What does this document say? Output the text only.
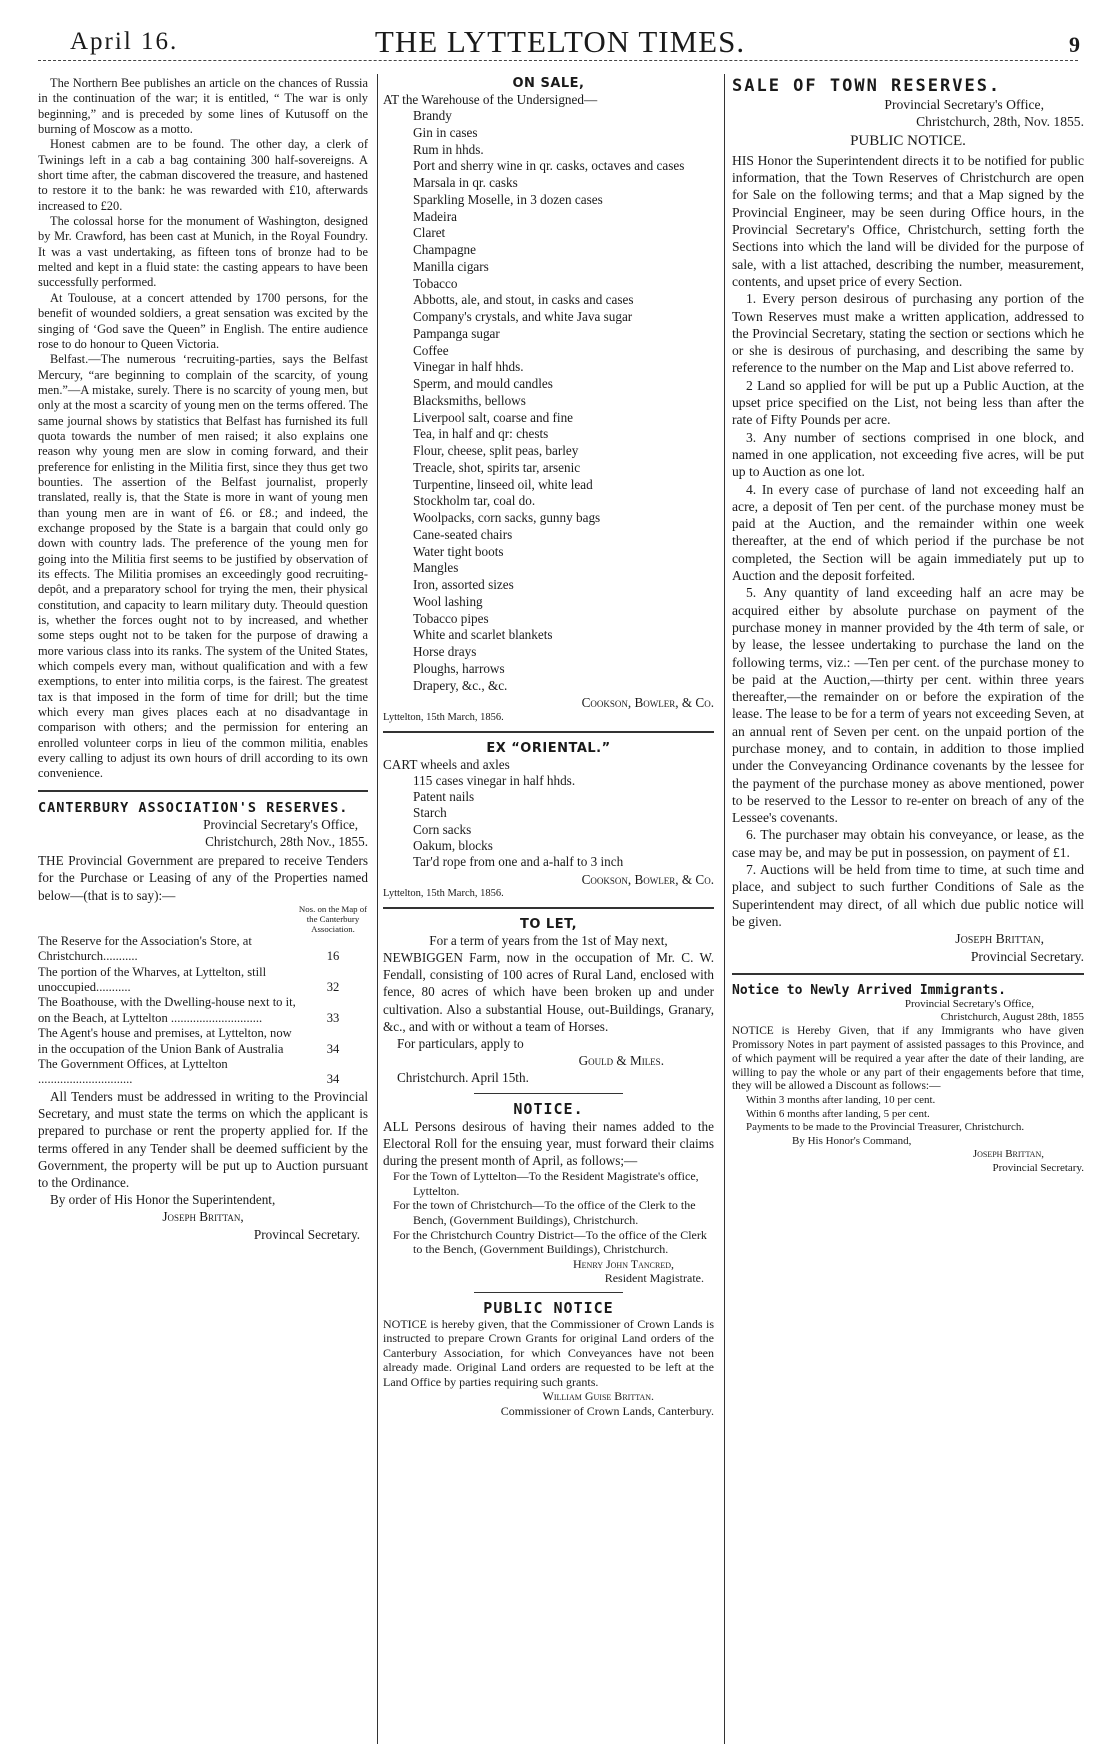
April 16.	THE LYTTELTON TIMES.	9

The Northern Bee publishes an article on the chances of Russia in the continuation of the war; it is entitled, “ The war is only beginning,” and is preceded by some lines of Kutusoff on the burning of Moscow as a motto.

Honest cabmen are to be found. The other day, a clerk of Twinings left in a cab a bag containing 300 half-sovereigns. A short time after, the cabman discovered the treasure, and hastened to restore it to the bank: he was rewarded with £10, afterwards increased to £20.

The colossal horse for the monument of Washington, designed by Mr. Crawford, has been cast at Munich, in the Royal Foundry. It was a vast undertaking, as fifteen tons of bronze had to be melted and kept in a fluid state: the casting appears to have been successfully performed.

At Toulouse, at a concert attended by 1700 persons, for the benefit of wounded soldiers, a great sensation was excited by the singing of ‘God save the Queen” in English. The entire audience rose to do honour to Queen Victoria.

Belfast.—The numerous ‘recruiting-parties, says the Belfast Mercury, “are beginning to complain of the scarcity, of young men.”—A mistake, surely. There is no scarcity of young men, but only at the most a scarcity of young men on the terms offered. The same journal shows by statistics that Belfast has furnished its full quota towards the number of men raised; it also explains one reason why young men are slow in coming forward, and their preference for enlisting in the Militia first, since they thus get two bounties. The assertion of the Belfast journalist, properly translated, really is, that the State is more in want of young men than young men are in want of £6. or £8.; and indeed, the exchange proposed by the State is a bargain that could only go down with country lads. The preference of the young men for going into the Militia first seems to be justified by observation of its effects. The Militia promises an exceedingly good recruiting-depôt, and a preparatory school for trying the men, their physical constitution, and capacity to learn military duty. Theould question is, whether the forces ought not to by increased, and whether some steps ought not to be taken for the purpose of drawing a more various class into its ranks. The system of the United States, which compels every man, without qualification and with a few exemptions, to enter into militia corps, is the fairest. The greatest tax is that imposed in the form of time for drill; but the time which every man gives places each at no disadvantage in comparison with others; and the permission for entering an enrolled volunteer corps in lieu of the common militia, enables every calling to adjust its own hours of drill according to its own convenience.

CANTERBURY ASSOCIATION'S RESERVES.
Provincial Secretary's Office,
Christchurch, 28th Nov., 1855.

THE Provincial Government are prepared to receive Tenders for the Purchase or Leasing of any of the Properties named below—(that is to say):—

	Nos. on the Map of the Canterbury Association.
The Reserve for the Association's Store, at Christchurch...........	16
The portion of the Wharves, at Lyttelton, still unoccupied...........	32
The Boathouse, with the Dwelling-house next to it, on the Beach, at Lyttelton .............................	33
The Agent's house and premises, at Lyttelton, now in the occupation of the Union Bank of Australia	34
The Government Offices, at Lyttelton ..............................	34

All Tenders must be addressed in writing to the Provincial Secretary, and must state the terms on which the applicant is prepared to purchase or rent the property applied for. If the terms offered in any Tender shall be deemed sufficient by the Government, the property will be put up to Auction pursuant to the Ordinance.

By order of His Honor the Superintendent,

Joseph Brittan,
Provincal Secretary.
ON SALE,
AT the Warehouse of the Undersigned—
Brandy
Gin in cases
Rum in hhds.
Port and sherry wine in qr. casks, octaves and cases
Marsala in qr. casks
Sparkling Moselle, in 3 dozen cases
Madeira
Claret
Champagne
Manilla cigars
Tobacco
Abbotts, ale, and stout, in casks and cases
Company's crystals, and white Java sugar
Pampanga sugar
Coffee
Vinegar in half hhds.
Sperm, and mould candles
Blacksmiths, bellows
Liverpool salt, coarse and fine
Tea, in half and qr: chests
Flour, cheese, split peas, barley
Treacle, shot, spirits tar, arsenic
Turpentine, linseed oil, white lead
Stockholm tar, coal do.
Woolpacks, corn sacks, gunny bags
Cane-seated chairs
Water tight boots
Mangles
Iron, assorted sizes
Wool lashing
Tobacco pipes
White and scarlet blankets
Horse drays
Ploughs, harrows
Drapery, &c., &c.
Cookson, Bowler, & Co.
Lyttelton, 15th March, 1856.
EX “ORIENTAL.”
CART wheels and axles
115 cases vinegar in half hhds.
Patent nails
Starch
Corn sacks
Oakum, blocks
Tar'd rope from one and a-half to 3 inch
Cookson, Bowler, & Co.
Lyttelton, 15th March, 1856.
TO LET,
For a term of years from the 1st of May next,

NEWBIGGEN Farm, now in the occupation of Mr. C. W. Fendall, consisting of 100 acres of Rural Land, enclosed with fence, 80 acres of which have been broken up and under cultivation. Also a substantial House, out-Buildings, Granary, &c., and with or without a team of Horses.

For particulars, apply to
Gould & Miles.
Christchurch. April 15th.
NOTICE.

ALL Persons desirous of having their names added to the Electoral Roll for the ensuing year, must forward their claims during the present month of April, as follows;—

For the Town of Lyttelton—To the Resident Magistrate's office, Lyttelton.
For the town of Christchurch—To the office of the Clerk to the Bench, (Government Buildings), Christchurch.
For the Christchurch Country District—To the office of the Clerk to the Bench, (Government Buildings), Christchurch.
Henry John Tancred,
Resident Magistrate.
PUBLIC NOTICE

NOTICE is hereby given, that the Commissioner of Crown Lands is instructed to prepare Crown Grants for original Land orders of the Canterbury Association, for which Conveyances have not been already made. Original Land orders are requested to be left at the Land Office by parties requiring such grants.

William Guise Brittan.
Commissioner of Crown Lands, Canterbury.
SALE OF TOWN RESERVES.
Provincial Secretary's Office,
Christchurch, 28th, Nov. 1855.
PUBLIC NOTICE.

HIS Honor the Superintendent directs it to be notified for public information, that the Town Reserves of Christchurch are open for Sale on the following terms; and that a Map signed by the Provincial Engineer, may be seen during Office hours, in the Provincial Secretary's Office, Christchurch, setting forth the Sections into which the land will be divided for the purpose of sale, with a list attached, describing the number, measurement, contents, and upset price of every Section.

1. Every person desirous of purchasing any portion of the Town Reserves must make a written application, addressed to the Provincial Secretary, stating the section or sections which he or she is desirous of purchasing, and describing the same by reference to the number on the Map and List above referred to.

2 Land so applied for will be put up a Public Auction, at the upset price specified on the List, not being less than after the rate of Fifty Pounds per acre.

3. Any number of sections comprised in one block, and named in one application, not exceeding five acres, will be put up to Auction as one lot.

4. In every case of purchase of land not exceeding half an acre, a deposit of Ten per cent. of the purchase money must be paid at the Auction, and the remainder within one week thereafter, at the end of which period if the purchase be not completed, the Section will be again immediately put up to Auction and the deposit forfeited.

5. Any quantity of land exceeding half an acre may be acquired either by absolute purchase on payment of the purchase money in manner provided by the 4th term of sale, or by lease, the lessee undertaking to purchase the land on the following terms, viz.: —Ten per cent. of the purchase money to be paid at the Auction,—thirty per cent. within three years thereafter,—the remainder on or before the expiration of the lease. The lease to be for a term of years not exceeding Seven, at an annual rent of Seven per cent. on the unpaid portion of the purchase money, and to contain, in addition to those implied under the Conveyancing Ordinance covenants by the lessee for the payment of the purchase money as above mentioned, power to be reserved to the Lessor to re-enter on breach of any of the Lessee's covenants.

6. The purchaser may obtain his conveyance, or lease, as the case may be, and may be put in possession, on payment of £1.

7. Auctions will be held from time to time, at such time and place, and subject to such further Conditions of Sale as the Superintendent may direct, of all which due public notice will be given.

Joseph Brittan,
Provincial Secretary.
Notice to Newly Arrived Immigrants.
Provincial Secretary's Office,
Christchurch, August 28th, 1855

NOTICE is Hereby Given, that if any Immigrants who have given Promissory Notes in part payment of assisted passages to this Province, and of which payment will be required a year after the date of their landing, are willing to pay the whole or any part of their engagements before that time, they will be allowed a Discount as follows:—

Within 3 months after landing, 10 per cent.
Within 6 months after landing, 5 per cent.

Payments to be made to the Provincial Treasurer, Christchurch.

By His Honor's Command,
Joseph Brittan,
Provincial Secretary.
